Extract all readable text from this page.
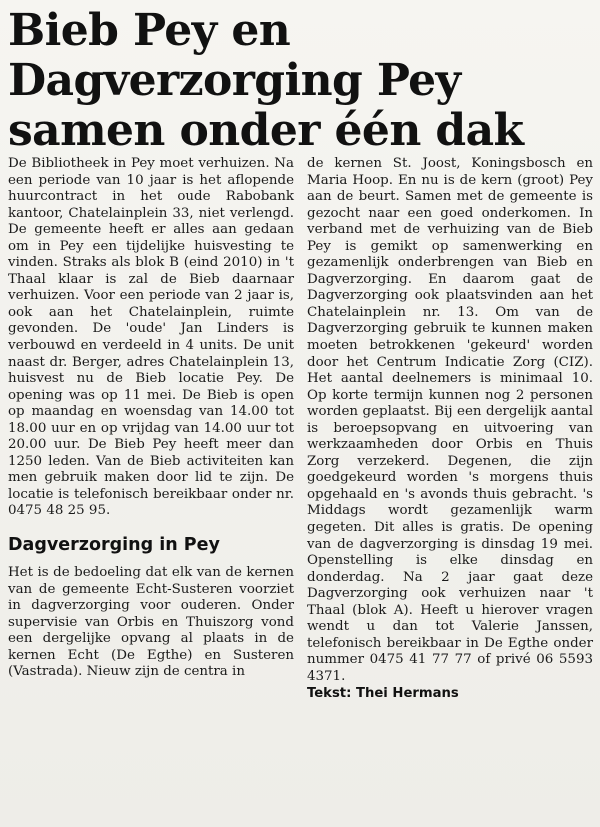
Bieb Pey en
Dagverzorging Pey
samen onder één dak

De Bibliotheek in Pey moet verhuizen. Na een periode van 10 jaar is het aflopende huurcontract in het oude Rabobank kantoor, Chatelainplein 33, niet verlengd. De gemeente heeft er alles aan gedaan om in Pey een tijdelijke huisvesting te vinden. Straks als blok B (eind 2010) in 't Thaal klaar is zal de Bieb daarnaar verhuizen. Voor een periode van 2 jaar is, ook aan het Chatelainplein, ruimte gevonden. De 'oude' Jan Linders is verbouwd en verdeeld in 4 units. De unit naast dr. Berger, adres Chatelainplein 13, huisvest nu de Bieb locatie Pey. De opening was op 11 mei. De Bieb is open op maandag en woensdag van 14.00 tot 18.00 uur en op vrijdag van 14.00 uur tot 20.00 uur. De Bieb Pey heeft meer dan 1250 leden. Van de Bieb activiteiten kan men gebruik maken door lid te zijn. De locatie is telefonisch bereikbaar onder nr. 0475 48 25 95.

Dagverzorging in Pey

Het is de bedoeling dat elk van de kernen van de gemeente Echt-Susteren voorziet in dagverzorging voor ouderen. Onder supervisie van Orbis en Thuiszorg vond een dergelijke opvang al plaats in de kernen Echt (De Egthe) en Susteren (Vastrada). Nieuw zijn de centra in

de kernen St. Joost, Koningsbosch en Maria Hoop. En nu is de kern (groot) Pey aan de beurt. Samen met de gemeente is gezocht naar een goed onderkomen. In verband met de verhuizing van de Bieb Pey is gemikt op samenwerking en gezamenlijk onderbrengen van Bieb en Dagverzorging. En daarom gaat de Dagverzorging ook plaatsvinden aan het Chatelainplein nr. 13. Om van de Dagverzorging gebruik te kunnen maken moeten betrokkenen 'gekeurd' worden door het Centrum Indicatie Zorg (CIZ). Het aantal deelnemers is minimaal 10. Op korte termijn kunnen nog 2 personen worden geplaatst. Bij een dergelijk aantal is beroepsopvang en uitvoering van werkzaamheden door Orbis en Thuis Zorg verzekerd. Degenen, die zijn goedgekeurd worden 's morgens thuis opgehaald en 's avonds thuis gebracht. 's Middags wordt gezamenlijk warm gegeten. Dit alles is gratis. De opening van de dagverzorging is dinsdag 19 mei. Openstelling is elke dinsdag en donderdag. Na 2 jaar gaat deze Dagverzorging ook verhuizen naar 't Thaal (blok A). Heeft u hierover vragen wendt u dan tot Valerie Janssen, telefonisch bereikbaar in De Egthe onder nummer 0475 41 77 77 of privé 06 5593 4371.

Tekst: Thei Hermans
